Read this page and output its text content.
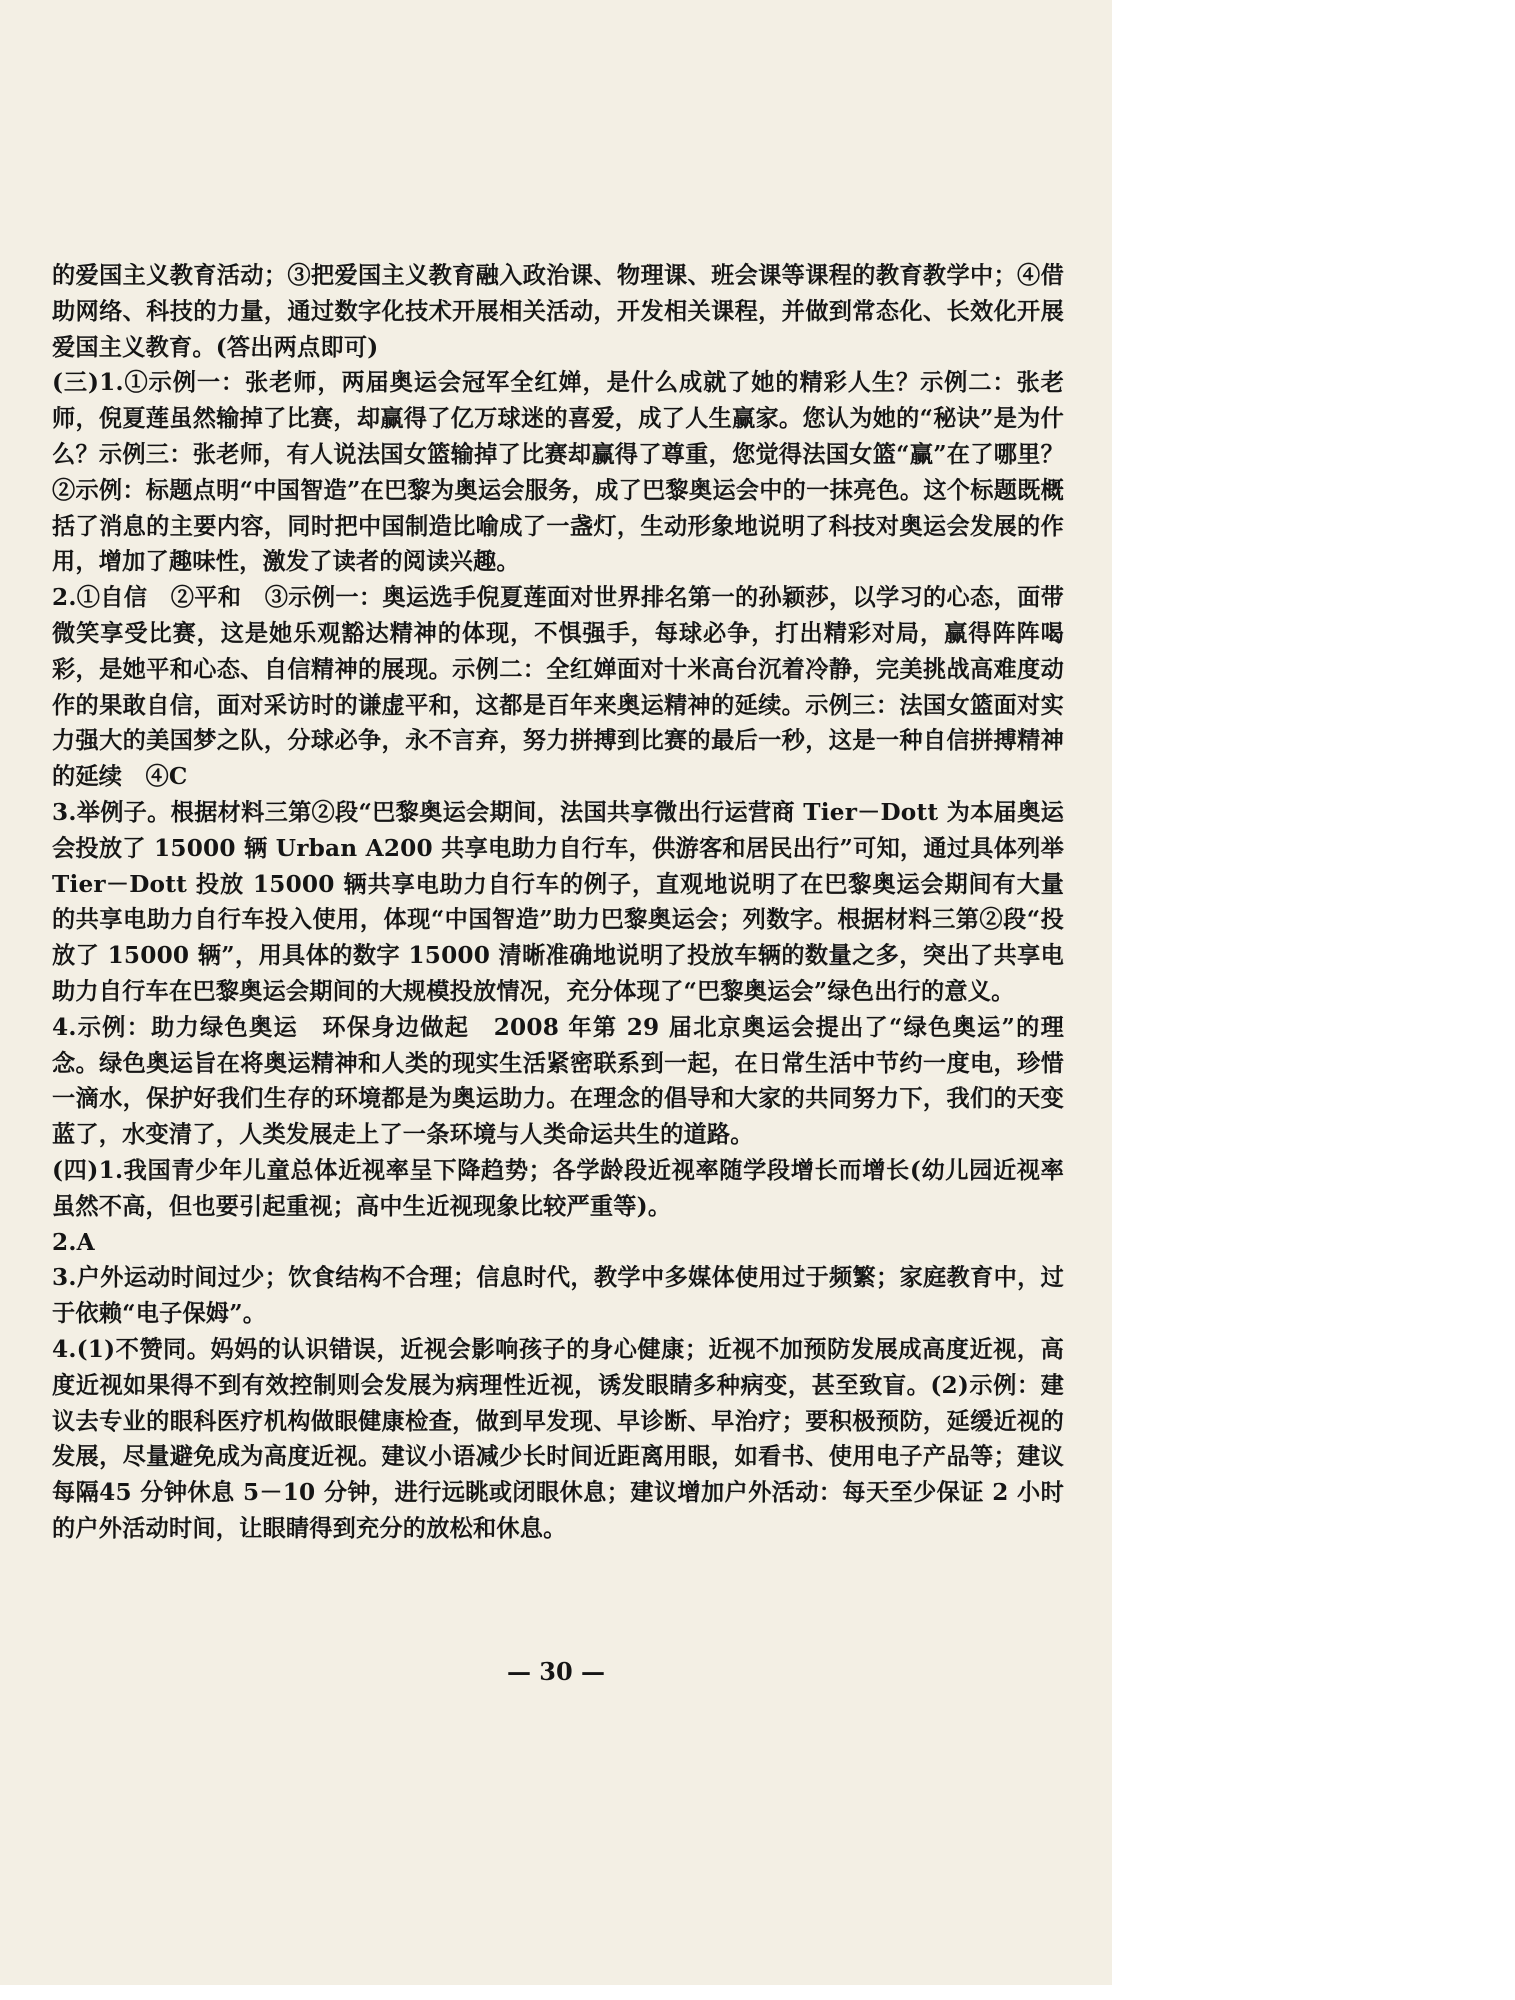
的爱国主义教育活动；③把爱国主义教育融入政治课、物理课、班会课等课程的教育教学中；④借助网络、科技的力量，通过数字化技术开展相关活动，开发相关课程，并做到常态化、长效化开展爱国主义教育。(答出两点即可)

(三)1.①示例一：张老师，两届奥运会冠军全红婵，是什么成就了她的精彩人生？示例二：张老师，倪夏莲虽然输掉了比赛，却赢得了亿万球迷的喜爱，成了人生赢家。您认为她的“秘诀”是为什么？示例三：张老师，有人说法国女篮输掉了比赛却赢得了尊重，您觉得法国女篮“赢”在了哪里？②示例：标题点明“中国智造”在巴黎为奥运会服务，成了巴黎奥运会中的一抹亮色。这个标题既概括了消息的主要内容，同时把中国制造比喻成了一盏灯，生动形象地说明了科技对奥运会发展的作用，增加了趣味性，激发了读者的阅读兴趣。

2.①自信　②平和　③示例一：奥运选手倪夏莲面对世界排名第一的孙颖莎，以学习的心态，面带微笑享受比赛，这是她乐观豁达精神的体现，不惧强手，每球必争，打出精彩对局，赢得阵阵喝彩，是她平和心态、自信精神的展现。示例二：全红婵面对十米高台沉着冷静，完美挑战高难度动作的果敢自信，面对采访时的谦虚平和，这都是百年来奥运精神的延续。示例三：法国女篮面对实力强大的美国梦之队，分球必争，永不言弃，努力拼搏到比赛的最后一秒，这是一种自信拼搏精神的延续　④C

3.举例子。根据材料三第②段“巴黎奥运会期间，法国共享微出行运营商 Tier－Dott 为本届奥运会投放了 15000 辆 Urban A200 共享电助力自行车，供游客和居民出行”可知，通过具体列举 Tier－Dott 投放 15000 辆共享电助力自行车的例子，直观地说明了在巴黎奥运会期间有大量的共享电助力自行车投入使用，体现“中国智造”助力巴黎奥运会；列数字。根据材料三第②段“投放了 15000 辆”，用具体的数字 15000 清晰准确地说明了投放车辆的数量之多，突出了共享电助力自行车在巴黎奥运会期间的大规模投放情况，充分体现了“巴黎奥运会”绿色出行的意义。

4.示例：助力绿色奥运　环保身边做起　2008 年第 29 届北京奥运会提出了“绿色奥运”的理念。绿色奥运旨在将奥运精神和人类的现实生活紧密联系到一起，在日常生活中节约一度电，珍惜一滴水，保护好我们生存的环境都是为奥运助力。在理念的倡导和大家的共同努力下，我们的天变蓝了，水变清了，人类发展走上了一条环境与人类命运共生的道路。

(四)1.我国青少年儿童总体近视率呈下降趋势；各学龄段近视率随学段增长而增长(幼儿园近视率虽然不高，但也要引起重视；高中生近视现象比较严重等)。

2.A

3.户外运动时间过少；饮食结构不合理；信息时代，教学中多媒体使用过于频繁；家庭教育中，过于依赖“电子保姆”。

4.(1)不赞同。妈妈的认识错误，近视会影响孩子的身心健康；近视不加预防发展成高度近视，高度近视如果得不到有效控制则会发展为病理性近视，诱发眼睛多种病变，甚至致盲。(2)示例：建议去专业的眼科医疗机构做眼健康检查，做到早发现、早诊断、早治疗；要积极预防，延缓近视的发展，尽量避免成为高度近视。建议小语减少长时间近距离用眼，如看书、使用电子产品等；建议每隔45 分钟休息 5－10 分钟，进行远眺或闭眼休息；建议增加户外活动：每天至少保证 2 小时的户外活动时间，让眼睛得到充分的放松和休息。

— 30 —
